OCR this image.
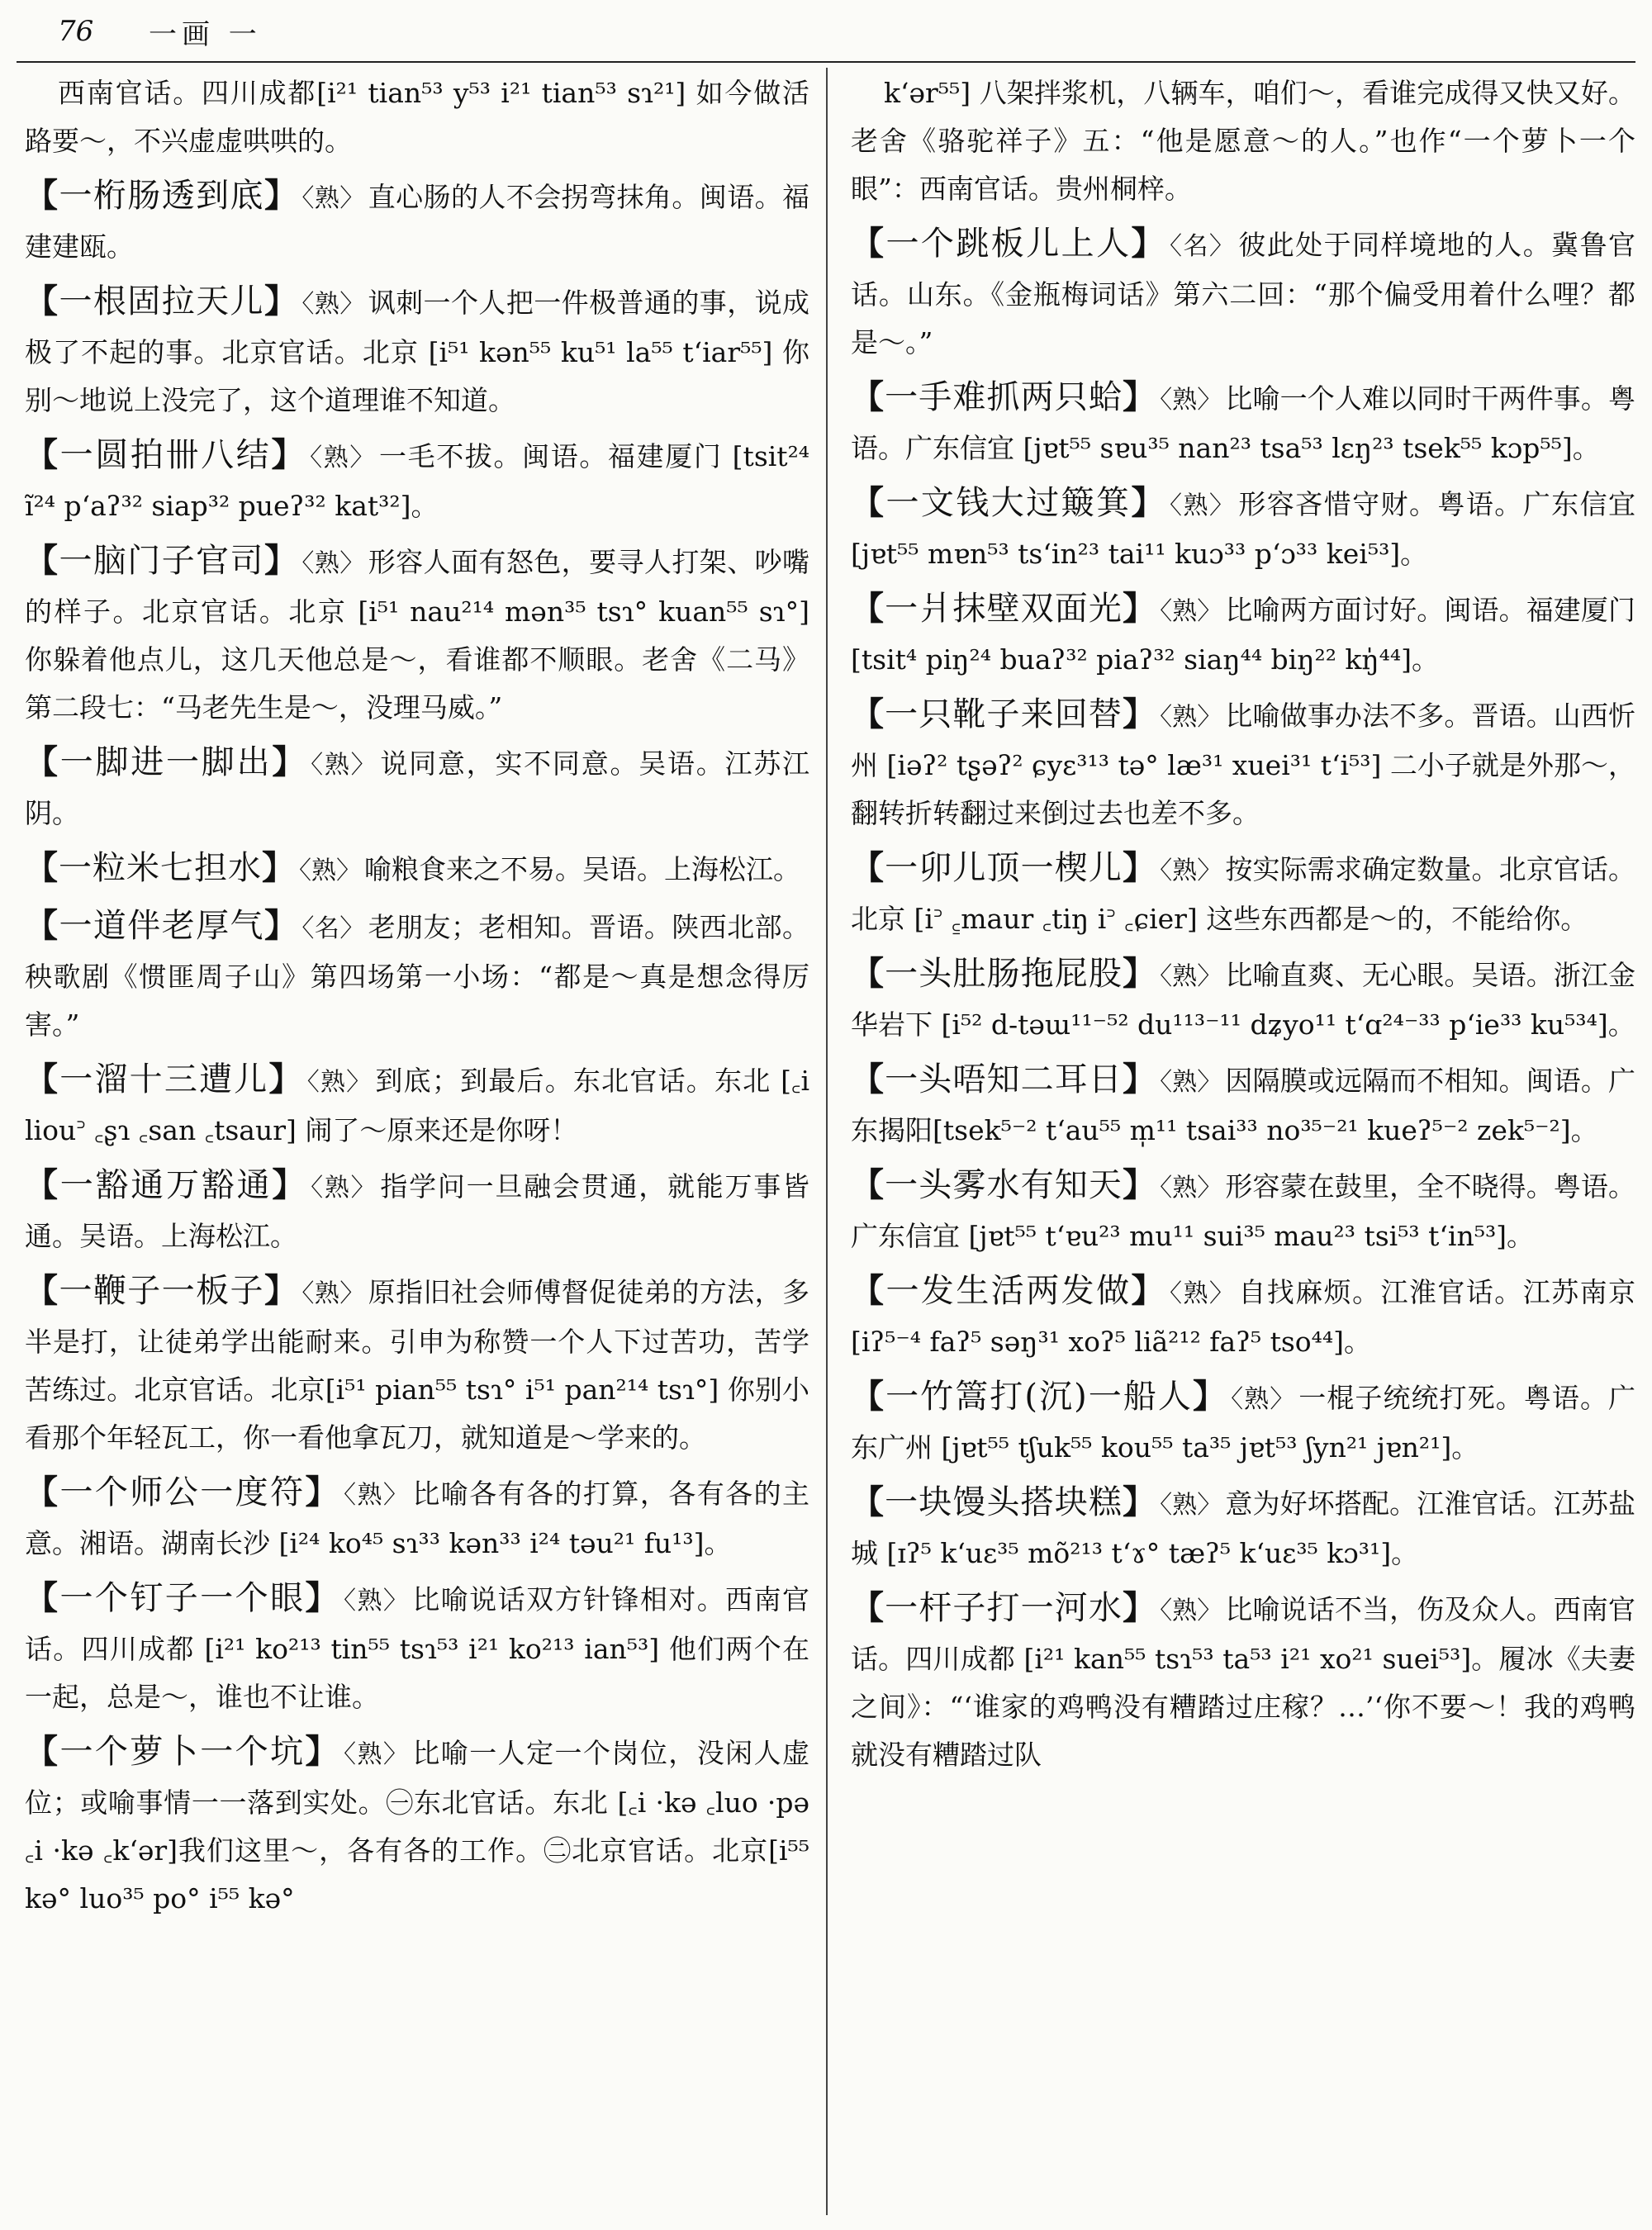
76 一画 一
西南官话。四川成都[i²¹ tian⁵³ y⁵³ i²¹ tian⁵³ sɿ²¹] 如今做活路要～，不兴虚虚哄哄的。
【 一桁肠透到底 】 〈熟〉 直心肠的人不会拐弯抹角。闽语。福建建瓯。
【 一根固拉天儿 】 〈熟〉 讽刺一个人把一件极普通的事，说成极了不起的事。北京官话。北京 [i⁵¹ kən⁵⁵ ku⁵¹ la⁵⁵ t‘iar⁵⁵] 你别～地说上没完了，这个道理谁不知道。
【 一圆拍卌八结 】 〈熟〉 一毛不拔。闽语。福建厦门 [tsit²⁴ ĩ²⁴ p‘aʔ³² siap³² pueʔ³² kat³²]。
【 一脑门子官司 】 〈熟〉 形容人面有怒色，要寻人打架、吵嘴的样子。北京官话。北京 [i⁵¹ nau²¹⁴ mən³⁵ tsɿ° kuan⁵⁵ sɿ°] 你躲着他点儿，这几天他总是～，看谁都不顺眼。老舍《二马》第二段七：“马老先生是～，没理马威。”
【 一脚进一脚出 】 〈熟〉 说同意，实不同意。吴语。江苏江阴。
【 一粒米七担水 】 〈熟〉 喻粮食来之不易。吴语。上海松江。
【 一道伴老厚气 】 〈名〉 老朋友；老相知。晋语。陕西北部。秧歌剧《惯匪周子山》第四场第一小场：“都是～真是想念得厉害。”
【 一溜十三遭儿 】 〈熟〉 到底；到最后。东北官话。东北 [꜀i liou꜄ ꜀ʂɿ ꜀san ꜀tsaur] 闹了～原来还是你呀！
【 一豁通万豁通 】 〈熟〉 指学问一旦融会贯通，就能万事皆通。吴语。上海松江。
【 一鞭子一板子 】 〈熟〉 原指旧社会师傅督促徒弟的方法，多半是打，让徒弟学出能耐来。引申为称赞一个人下过苦功，苦学苦练过。北京官话。北京[i⁵¹ pian⁵⁵ tsɿ° i⁵¹ pan²¹⁴ tsɿ°] 你别小看那个年轻瓦工，你一看他拿瓦刀，就知道是～学来的。
【 一个师公一度符 】 〈熟〉 比喻各有各的打算，各有各的主意。湘语。湖南长沙 [i²⁴ ko⁴⁵ sɿ³³ kən³³ i²⁴ təu²¹ fu¹³]。
【 一个钉子一个眼 】 〈熟〉 比喻说话双方针锋相对。西南官话。四川成都 [i²¹ ko²¹³ tin⁵⁵ tsɿ⁵³ i²¹ ko²¹³ ian⁵³] 他们两个在一起，总是～，谁也不让谁。
【 一个萝卜一个坑 】 〈熟〉 比喻一人定一个岗位，没闲人虚位；或喻事情一一落到实处。㊀东北官话。东北 [꜀i ·kə ꜀luo ·pə ꜀i ·kə ꜀k‘ər]我们这里～，各有各的工作。㊁北京官话。北京[i⁵⁵ kə° luo³⁵ po° i⁵⁵ kə°
k‘ər⁵⁵] 八架拌浆机，八辆车，咱们～，看谁完成得又快又好。老舍《骆驼祥子》五：“他是愿意～的人。”也作“一个萝卜一个眼”：西南官话。贵州桐梓。
【 一个跳板儿上人 】 〈名〉 彼此处于同样境地的人。冀鲁官话。山东。《金瓶梅词话》第六二回：“那个偏受用着什么哩？都是～。”
【 一手难抓两只蛤 】 〈熟〉 比喻一个人难以同时干两件事。粤语。广东信宜 [jɐt⁵⁵ sɐu³⁵ nan²³ tsa⁵³ lɛŋ²³ tsek⁵⁵ kɔp⁵⁵]。
【 一文钱大过簸箕 】 〈熟〉 形容吝惜守财。粤语。广东信宜 [jɐt⁵⁵ mɐn⁵³ ts‘in²³ tai¹¹ kuɔ³³ p‘ɔ³³ kei⁵³]。
【 一爿抹壁双面光 】 〈熟〉 比喻两方面讨好。闽语。福建厦门 [tsit⁴ piŋ²⁴ buaʔ³² piaʔ³² siaŋ⁴⁴ biŋ²² kŋ̍⁴⁴]。
【 一只靴子来回替 】 〈熟〉 比喻做事办法不多。晋语。山西忻州 [iəʔ² tʂəʔ² ɕyɛ³¹³ tə° læ³¹ xuei³¹ t‘i⁵³] 二小子就是外那～，翻转折转翻过来倒过去也差不多。
【 一卯儿顶一楔儿 】 〈熟〉 按实际需求确定数量。北京官话。北京 [i꜄ ꜁maur ꜀tiŋ i꜄ ꜀ɕier] 这些东西都是～的，不能给你。
【 一头肚肠拖屁股 】 〈熟〉 比喻直爽、无心眼。吴语。浙江金华岩下 [i⁵² d-təɯ¹¹⁻⁵² du¹¹³⁻¹¹ dʑyo¹¹ t‘ɑ²⁴⁻³³ p‘ie³³ ku⁵³⁴]。
【 一头唔知二耳日 】 〈熟〉 因隔膜或远隔而不相知。闽语。广东揭阳[tsek⁵⁻² t‘au⁵⁵ m̩¹¹ tsai³³ no³⁵⁻²¹ kueʔ⁵⁻² zek⁵⁻²]。
【 一头雾水有知天 】 〈熟〉 形容蒙在鼓里，全不晓得。粤语。广东信宜 [jɐt⁵⁵ t‘ɐu²³ mu¹¹ sui³⁵ mau²³ tsi⁵³ t‘in⁵³]。
【 一发生活两发做 】 〈熟〉 自找麻烦。江淮官话。江苏南京 [iʔ⁵⁻⁴ faʔ⁵ səŋ³¹ xoʔ⁵ liã²¹² faʔ⁵ tso⁴⁴]。
【 一竹篙打(沉)一船人 】 〈熟〉 一棍子统统打死。粤语。广东广州 [jɐt⁵⁵ tʃuk⁵⁵ kou⁵⁵ ta³⁵ jɐt⁵³ ʃyn²¹ jɐn²¹]。
【 一块馒头搭块糕 】 〈熟〉 意为好坏搭配。江淮官话。江苏盐城 [ɪʔ⁵ k‘uɛ³⁵ mõ²¹³ t‘ɤ° tæʔ⁵ k‘uɛ³⁵ kɔ³¹]。
【 一杆子打一河水 】 〈熟〉 比喻说话不当，伤及众人。西南官话。四川成都 [i²¹ kan⁵⁵ tsɿ⁵³ ta⁵³ i²¹ xo²¹ suei⁵³]。履冰《夫妻之间》：“‘谁家的鸡鸭没有糟踏过庄稼？…’‘你不要～！我的鸡鸭就没有糟踏过队
